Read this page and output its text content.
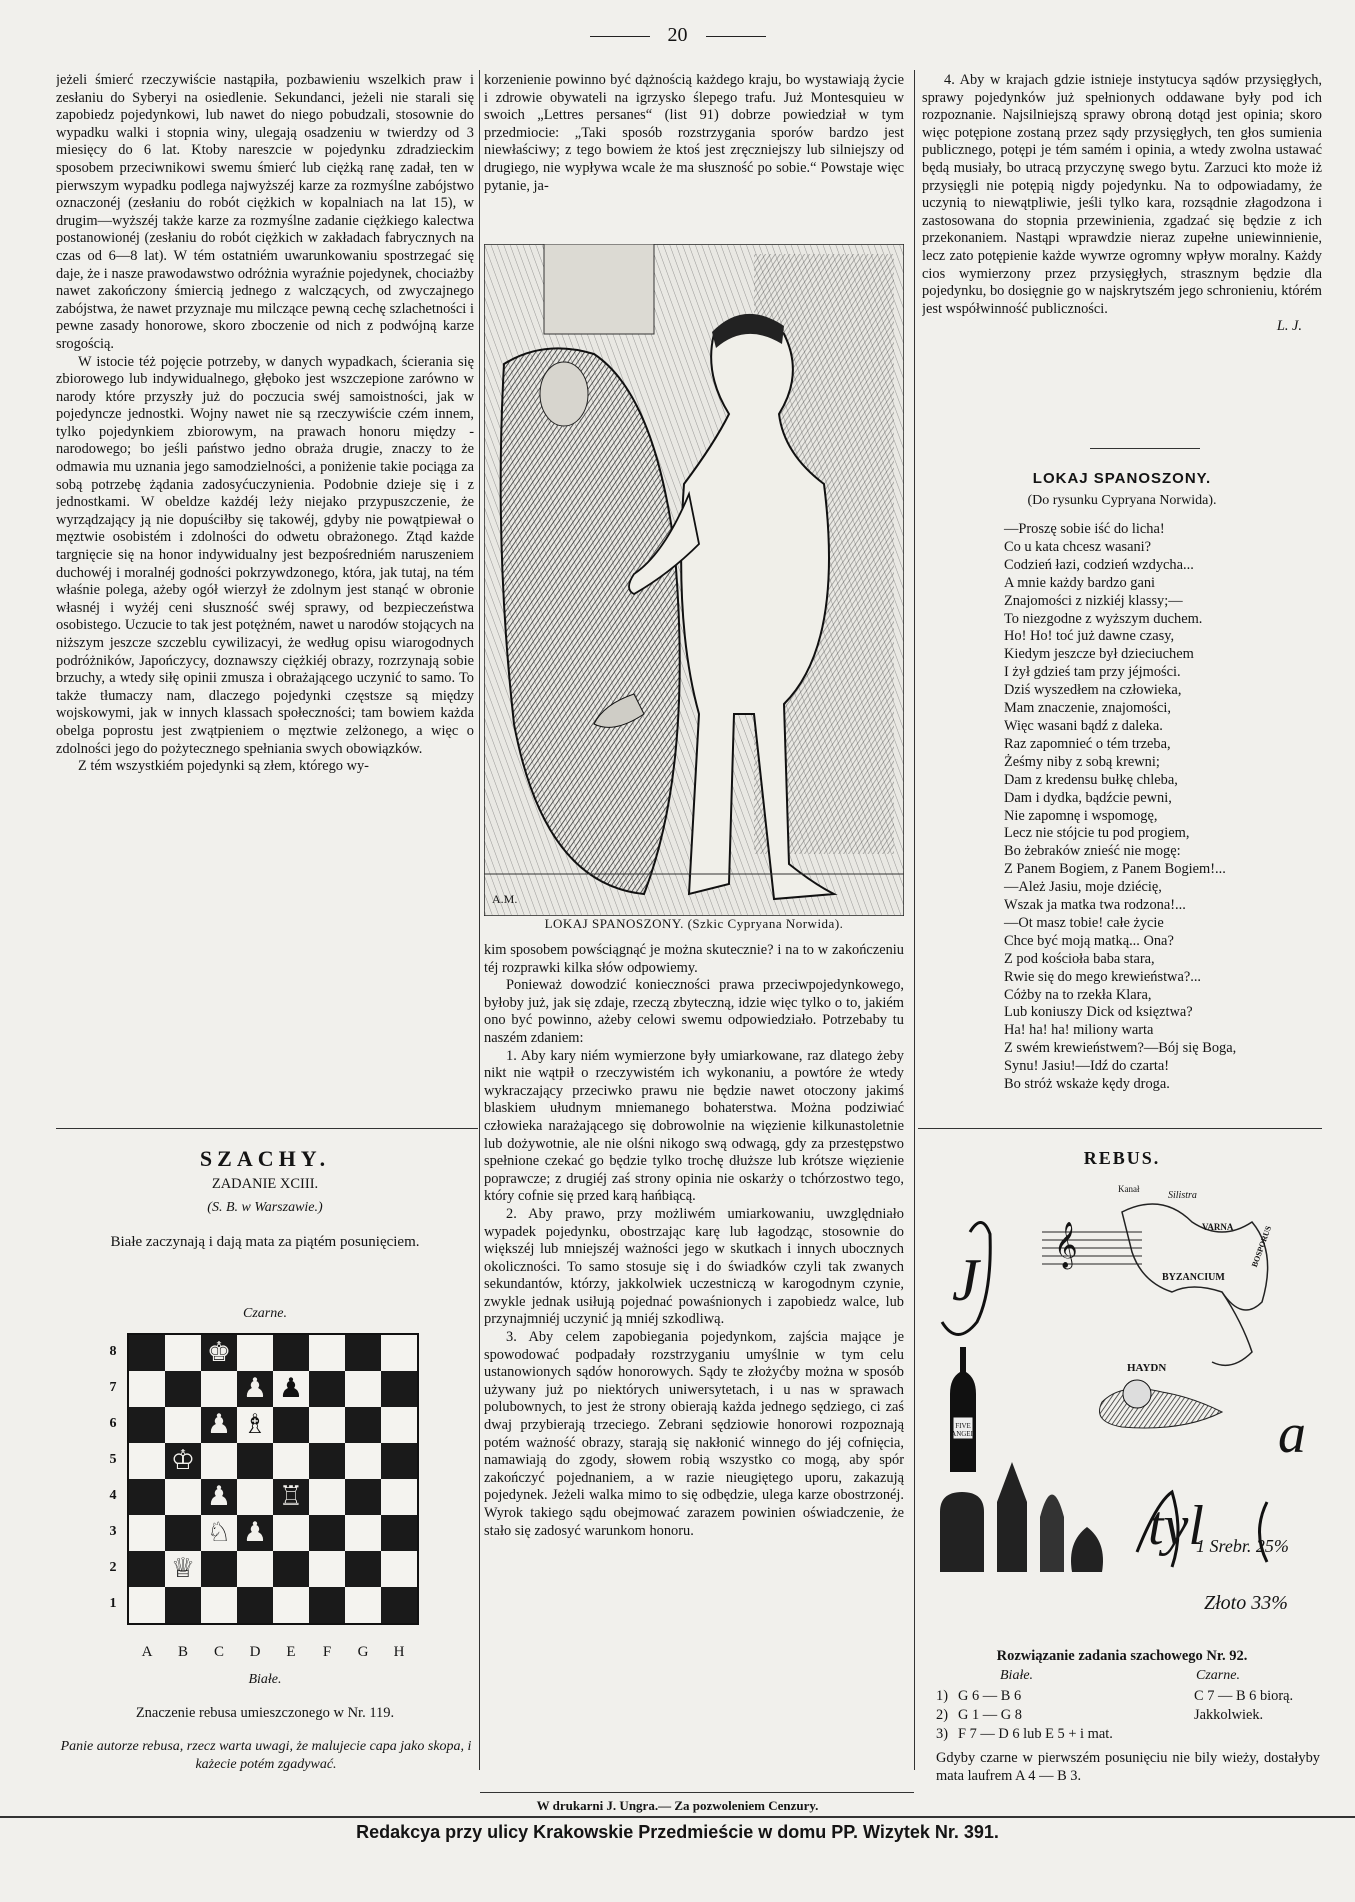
20

jeżeli śmierć rzeczywiście nastąpiła, pozbawieniu wszelkich praw i zesłaniu do Syberyi na osiedlenie. Sekundanci, jeżeli nie starali się zapobiedz pojedynkowi, lub nawet do niego pobudzali, stosownie do wypadku walki i stopnia winy, ulegają osadzeniu w twierdzy od 3 miesięcy do 6 lat. Ktoby nareszcie w pojedynku zdradzieckim sposobem przeciwnikowi swemu śmierć lub ciężką ranę zadał, ten w pierwszym wypadku podlega najwyższéj karze za rozmyślne zabójstwo oznaczonéj (zesłaniu do robót ciężkich w kopalniach na lat 15), w drugim—wyższéj także karze za rozmyślne zadanie ciężkiego kalectwa postanowionéj (zesłaniu do robót ciężkich w zakładach fabrycznych na czas od 6—8 lat). W tém ostatniém uwarunkowaniu spostrzegać się daje, że i nasze prawodawstwo odróżnia wyraźnie pojedynek, chociażby nawet zakończony śmiercią jednego z walczących, od zwyczajnego zabójstwa, że nawet przyznaje mu milczące pewną cechę szlachetności i pewne zasady honorowe, skoro zboczenie od nich z podwójną karze srogością.

W istocie téż pojęcie potrzeby, w danych wypadkach, ścierania się zbiorowego lub indywidualnego, głęboko jest wszczepione zarówno w narody które przyszły już do poczucia swéj samoistności, jak w pojedyncze jednostki. Wojny nawet nie są rzeczywiście czém innem, tylko pojedynkiem zbiorowym, na prawach honoru między - narodowego; bo jeśli państwo jedno obraża drugie, znaczy to że odmawia mu uznania jego samodzielności, a poniżenie takie pociąga za sobą potrzebę żądania zadosyćuczynienia. Podobnie dzieje się i z jednostkami. W obeldze każdéj leży niejako przypuszczenie, że wyrządzający ją nie dopuściłby się takowéj, gdyby nie powątpiewał o męztwie osobistém i zdolności do odwetu obrażonego. Ztąd każde targnięcie się na honor indywidualny jest bezpośredniém naruszeniem duchowéj i moralnéj godności pokrzywdzonego, która, jak tutaj, na tém właśnie polega, ażeby ogół wierzył że zdolnym jest stanąć w obronie własnéj i wyżéj ceni słuszność swéj sprawy, od bezpieczeństwa osobistego. Uczucie to tak jest potężném, nawet u narodów stojących na niższym jeszcze szczeblu cywilizacyi, że według opisu wiarogodnych podróżników, Japończycy, doznawszy ciężkiéj obrazy, rozrzynają sobie brzuchy, a wtedy siłę opinii zmusza i obrażającego uczynić to samo. To także tłumaczy nam, dlaczego pojedynki częstsze są między wojskowymi, jak w innych klassach społeczności; tam bowiem każda obelga poprostu jest zwątpieniem o męztwie zelżonego, a więc o zdolności jego do pożytecznego spełniania swych obowiązków.

Z tém wszystkiém pojedynki są złem, którego wy-

korzenienie powinno być dążnością każdego kraju, bo wystawiają życie i zdrowie obywateli na igrzysko ślepego trafu. Już Montesquieu w swoich „Lettres persanes“ (list 91) dobrze powiedział w tym przedmiocie: „Taki sposób rozstrzygania sporów bardzo jest niewłaściwy; z tego bowiem że ktoś jest zręczniejszy lub silniejszy od drugiego, nie wypływa wcale że ma słuszność po sobie.“ Powstaje więc pytanie, ja-

A.M.
LOKAJ SPANOSZONY. (Szkic Cypryana Norwida).

kim sposobem powściągnąć je można skutecznie? i na to w zakończeniu téj rozprawki kilka słów odpowiemy.

Ponieważ dowodzić konieczności prawa przeciwpojedynkowego, byłoby już, jak się zdaje, rzeczą zbyteczną, idzie więc tylko o to, jakiém ono być powinno, ażeby celowi swemu odpowiedziało. Potrzebaby tu naszém zdaniem:

1. Aby kary niém wymierzone były umiarkowane, raz dlatego żeby nikt nie wątpił o rzeczywistém ich wykonaniu, a powtóre że wtedy wykraczający przeciwko prawu nie będzie nawet otoczony jakimś blaskiem ułudnym mniemanego bohaterstwa. Można podziwiać człowieka narażającego się dobrowolnie na więzienie kilkunastoletnie lub dożywotnie, ale nie olśni nikogo swą odwagą, gdy za przestępstwo spełnione czekać go będzie tylko trochę dłuższe lub krótsze więzienie poprawcze; z drugiéj zaś strony opinia nie oskarży o tchórzostwo tego, który cofnie się przed karą hańbiącą.

2. Aby prawo, przy możliwém umiarkowaniu, uwzględniało wypadek pojedynku, obostrzając karę lub łagodząc, stosownie do większéj lub mniejszéj ważności jego w skutkach i innych ubocznych okoliczności. To samo stosuje się i do świadków czyli tak zwanych sekundantów, którzy, jakkolwiek uczestniczą w karogodnym czynie, zwykle jednak usiłują pojednać powaśnionych i zapobiedz walce, lub przynajmniéj uczynić ją mniéj szkodliwą.

3. Aby celem zapobiegania pojedynkom, zajścia mające je spowodować podpadały rozstrzyganiu umyślnie w tym celu ustanowionych sądów honorowych. Sądy te złożyćby można w sposób używany już po niektórych uniwersytetach, i u nas w sprawach polubownych, to jest że strony obierają każda jednego sędziego, ci zaś dwaj przybierają trzeciego. Zebrani sędziowie honorowi rozpoznają potém ważność obrazy, starają się nakłonić winnego do jéj cofnięcia, namawiają do zgody, słowem robią wszystko co mogą, aby spór zakończyć pojednaniem, a w razie nieugiętego uporu, zakazują pojedynek. Jeżeli walka mimo to się odbędzie, ulega karze obostrzonéj. Wyrok takiego sądu obejmować zarazem powinien oświadczenie, że stało się zadosyć warunkom honoru.

4. Aby w krajach gdzie istnieje instytucya sądów przysięgłych, sprawy pojedynków już spełnionych oddawane były pod ich rozpoznanie. Najsilniejszą sprawy obroną dotąd jest opinia; skoro więc potępione zostaną przez sądy przysięgłych, ten głos sumienia publicznego, potępi je tém samém i opinia, a wtedy zwolna ustawać będą musiały, bo utracą przyczynę swego bytu. Zarzuci kto może iż przysięgli nie potępią nigdy pojedynku. Na to odpowiadamy, że uczynią to niewątpliwie, jeśli tylko kara, rozsądnie złagodzona i zastosowana do stopnia przewinienia, zgadzać się będzie z ich przekonaniem. Nastąpi wprawdzie nieraz zupełne uniewinnienie, lecz zato potępienie każde wywrze ogromny wpływ moralny. Każdy cios wymierzony przez przysięgłych, strasznym będzie dla pojedynku, bo dosięgnie go w najskrytszém jego schronieniu, którém jest współwinność publiczności.

L. J.

LOKAJ SPANOSZONY.
(Do rysunku Cypryana Norwida).
—Proszę sobie iść do licha!
Co u kata chcesz wasani?
Codzień łazi, codzień wzdycha...
A mnie każdy bardzo gani
Znajomości z nizkiéj klassy;—
To niezgodne z wyższym duchem.
Ho! Ho! toć już dawne czasy,
Kiedym jeszcze był dzieciuchem
I żył gdzieś tam przy jéjmości.
Dziś wyszedłem na człowieka,
Mam znaczenie, znajomości,
Więc wasani bądź z daleka.
Raz zapomnieć o tém trzeba,
Żeśmy niby z sobą krewni;
Dam z kredensu bułkę chleba,
Dam i dydka, bądźcie pewni,
Nie zapomnę i wspomogę,
Lecz nie stójcie tu pod progiem,
Bo żebraków znieść nie mogę:
Z Panem Bogiem, z Panem Bogiem!...
—Ależ Jasiu, moje dziécię,
Wszak ja matka twa rodzona!...
—Ot masz tobie! całe życie
Chce być moją matką... Ona?
Z pod kościoła baba stara,
Rwie się do mego krewieństwa?...
Cóżby na to rzekła Klara,
Lub koniuszy Dick od księztwa?
Ha! ha! ha! miliony warta
Z swém krewieństwem?—Bój się Boga,
Synu! Jasiu!—Idź do czarta!
Bo stróż wskaże kędy droga.
SZACHY.
ZADANIE XCIII.
(S. B. w Warszawie.)
Białe zaczynają i dają mata za piątém posunięciem.
Czarne.
♚
♟ ♟
♟ ♗
♔
♟ ♖
♘ ♟
♕
8
7
6
5
4
3
2
1
A	B	C	D	E	F	G	H
Białe.
Znaczenie rebusa umieszczonego w Nr. 119.
Panie autorze rebusa, rzecz warta uwagi, że malujecie capa jako skopa, i każecie potém zgadywać.
REBUS.
J
𝄞
Kanał
Silistra
VARNA
BYZANCIUM
BOSPORUS
FIVE ANGEL
HAYDN
a
tyl
1 Srebr. 25%
Złoto 33%
Rozwiązanie zadania szachowego Nr. 92.
Białe.	Czarne.
1) G 6 — B 6	C 7 — B 6 biorą.
2) G 1 — G 8	Jakkolwiek.
3) F 7 — D 6 lub E 5 + i mat.
Gdyby czarne w pierwszém posunięciu nie bily wieży, dostałyby mata laufrem A 4 — B 3.
W drukarni J. Ungra.— Za pozwoleniem Cenzury.
Redakcya przy ulicy Krakowskie Przedmieście w domu PP. Wizytek Nr. 391.
